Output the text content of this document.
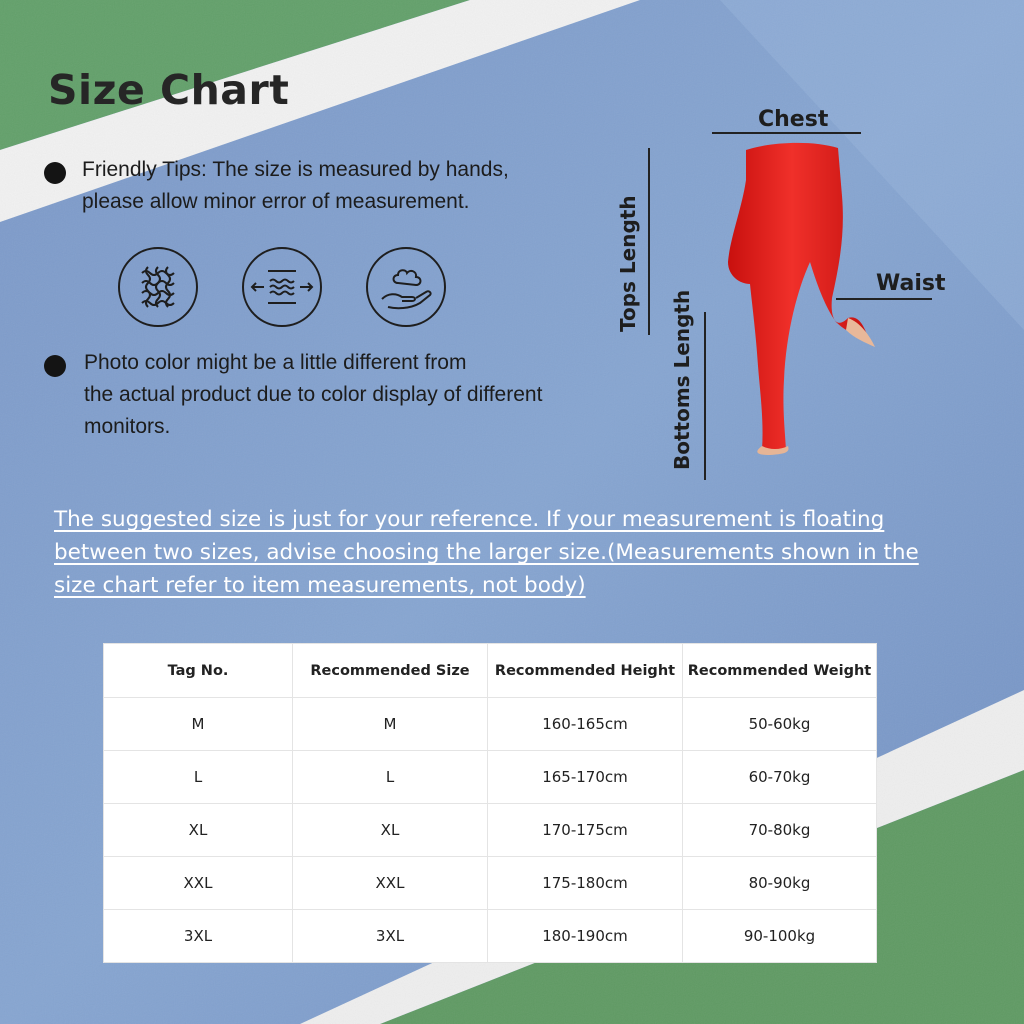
Size Chart
Friendly Tips: The size is measured by hands,
please allow minor error of measurement.
Photo color might be a little different from
the actual product due to color display of different
monitors.
Chest
Waist
Tops Length
Bottoms Length
The suggested size is just for your reference. If your measurement is floating between two sizes, advise choosing the larger size.(Measurements shown in the size chart refer to item measurements, not body)
Tag No.	Recommended Size	Recommended Height	Recommended Weight
M	M	160-165cm	50-60kg
L	L	165-170cm	60-70kg
XL	XL	170-175cm	70-80kg
XXL	XXL	175-180cm	80-90kg
3XL	3XL	180-190cm	90-100kg
